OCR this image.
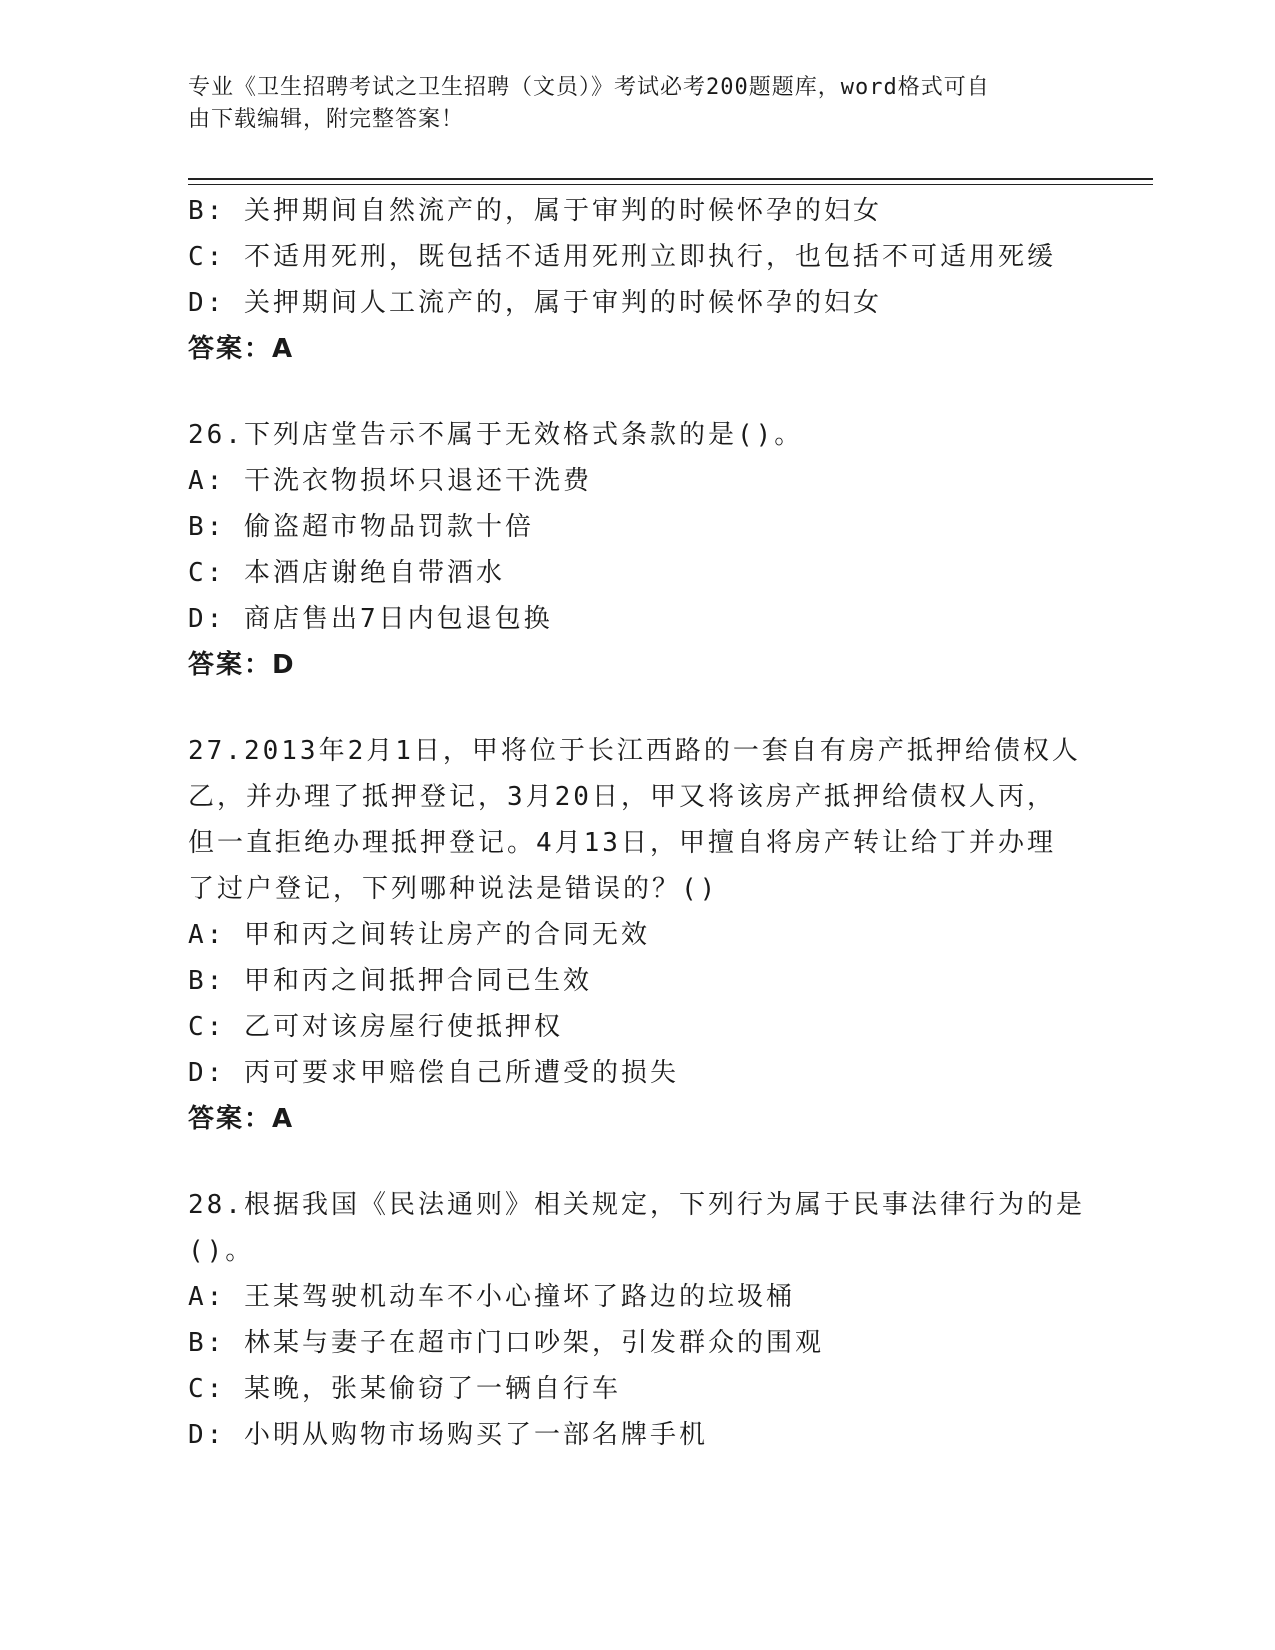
专业《卫生招聘考试之卫生招聘（文员）》考试必考200题题库，word格式可自
由下载编辑，附完整答案！
B: 关押期间自然流产的，属于审判的时候怀孕的妇女
C: 不适用死刑，既包括不适用死刑立即执行，也包括不可适用死缓
D: 关押期间人工流产的，属于审判的时候怀孕的妇女
答案：A
26.下列店堂告示不属于无效格式条款的是()。
A: 干洗衣物损坏只退还干洗费
B: 偷盗超市物品罚款十倍
C: 本酒店谢绝自带酒水
D: 商店售出7日内包退包换
答案：D
27.2013年2月1日，甲将位于长江西路的一套自有房产抵押给债权人
乙，并办理了抵押登记，3月20日，甲又将该房产抵押给债权人丙，
但一直拒绝办理抵押登记。4月13日，甲擅自将房产转让给丁并办理
了过户登记，下列哪种说法是错误的？()
A: 甲和丙之间转让房产的合同无效
B: 甲和丙之间抵押合同已生效
C: 乙可对该房屋行使抵押权
D: 丙可要求甲赔偿自己所遭受的损失
答案：A
28.根据我国《民法通则》相关规定，下列行为属于民事法律行为的是
()。
A: 王某驾驶机动车不小心撞坏了路边的垃圾桶
B: 林某与妻子在超市门口吵架，引发群众的围观
C: 某晚，张某偷窃了一辆自行车
D: 小明从购物市场购买了一部名牌手机
